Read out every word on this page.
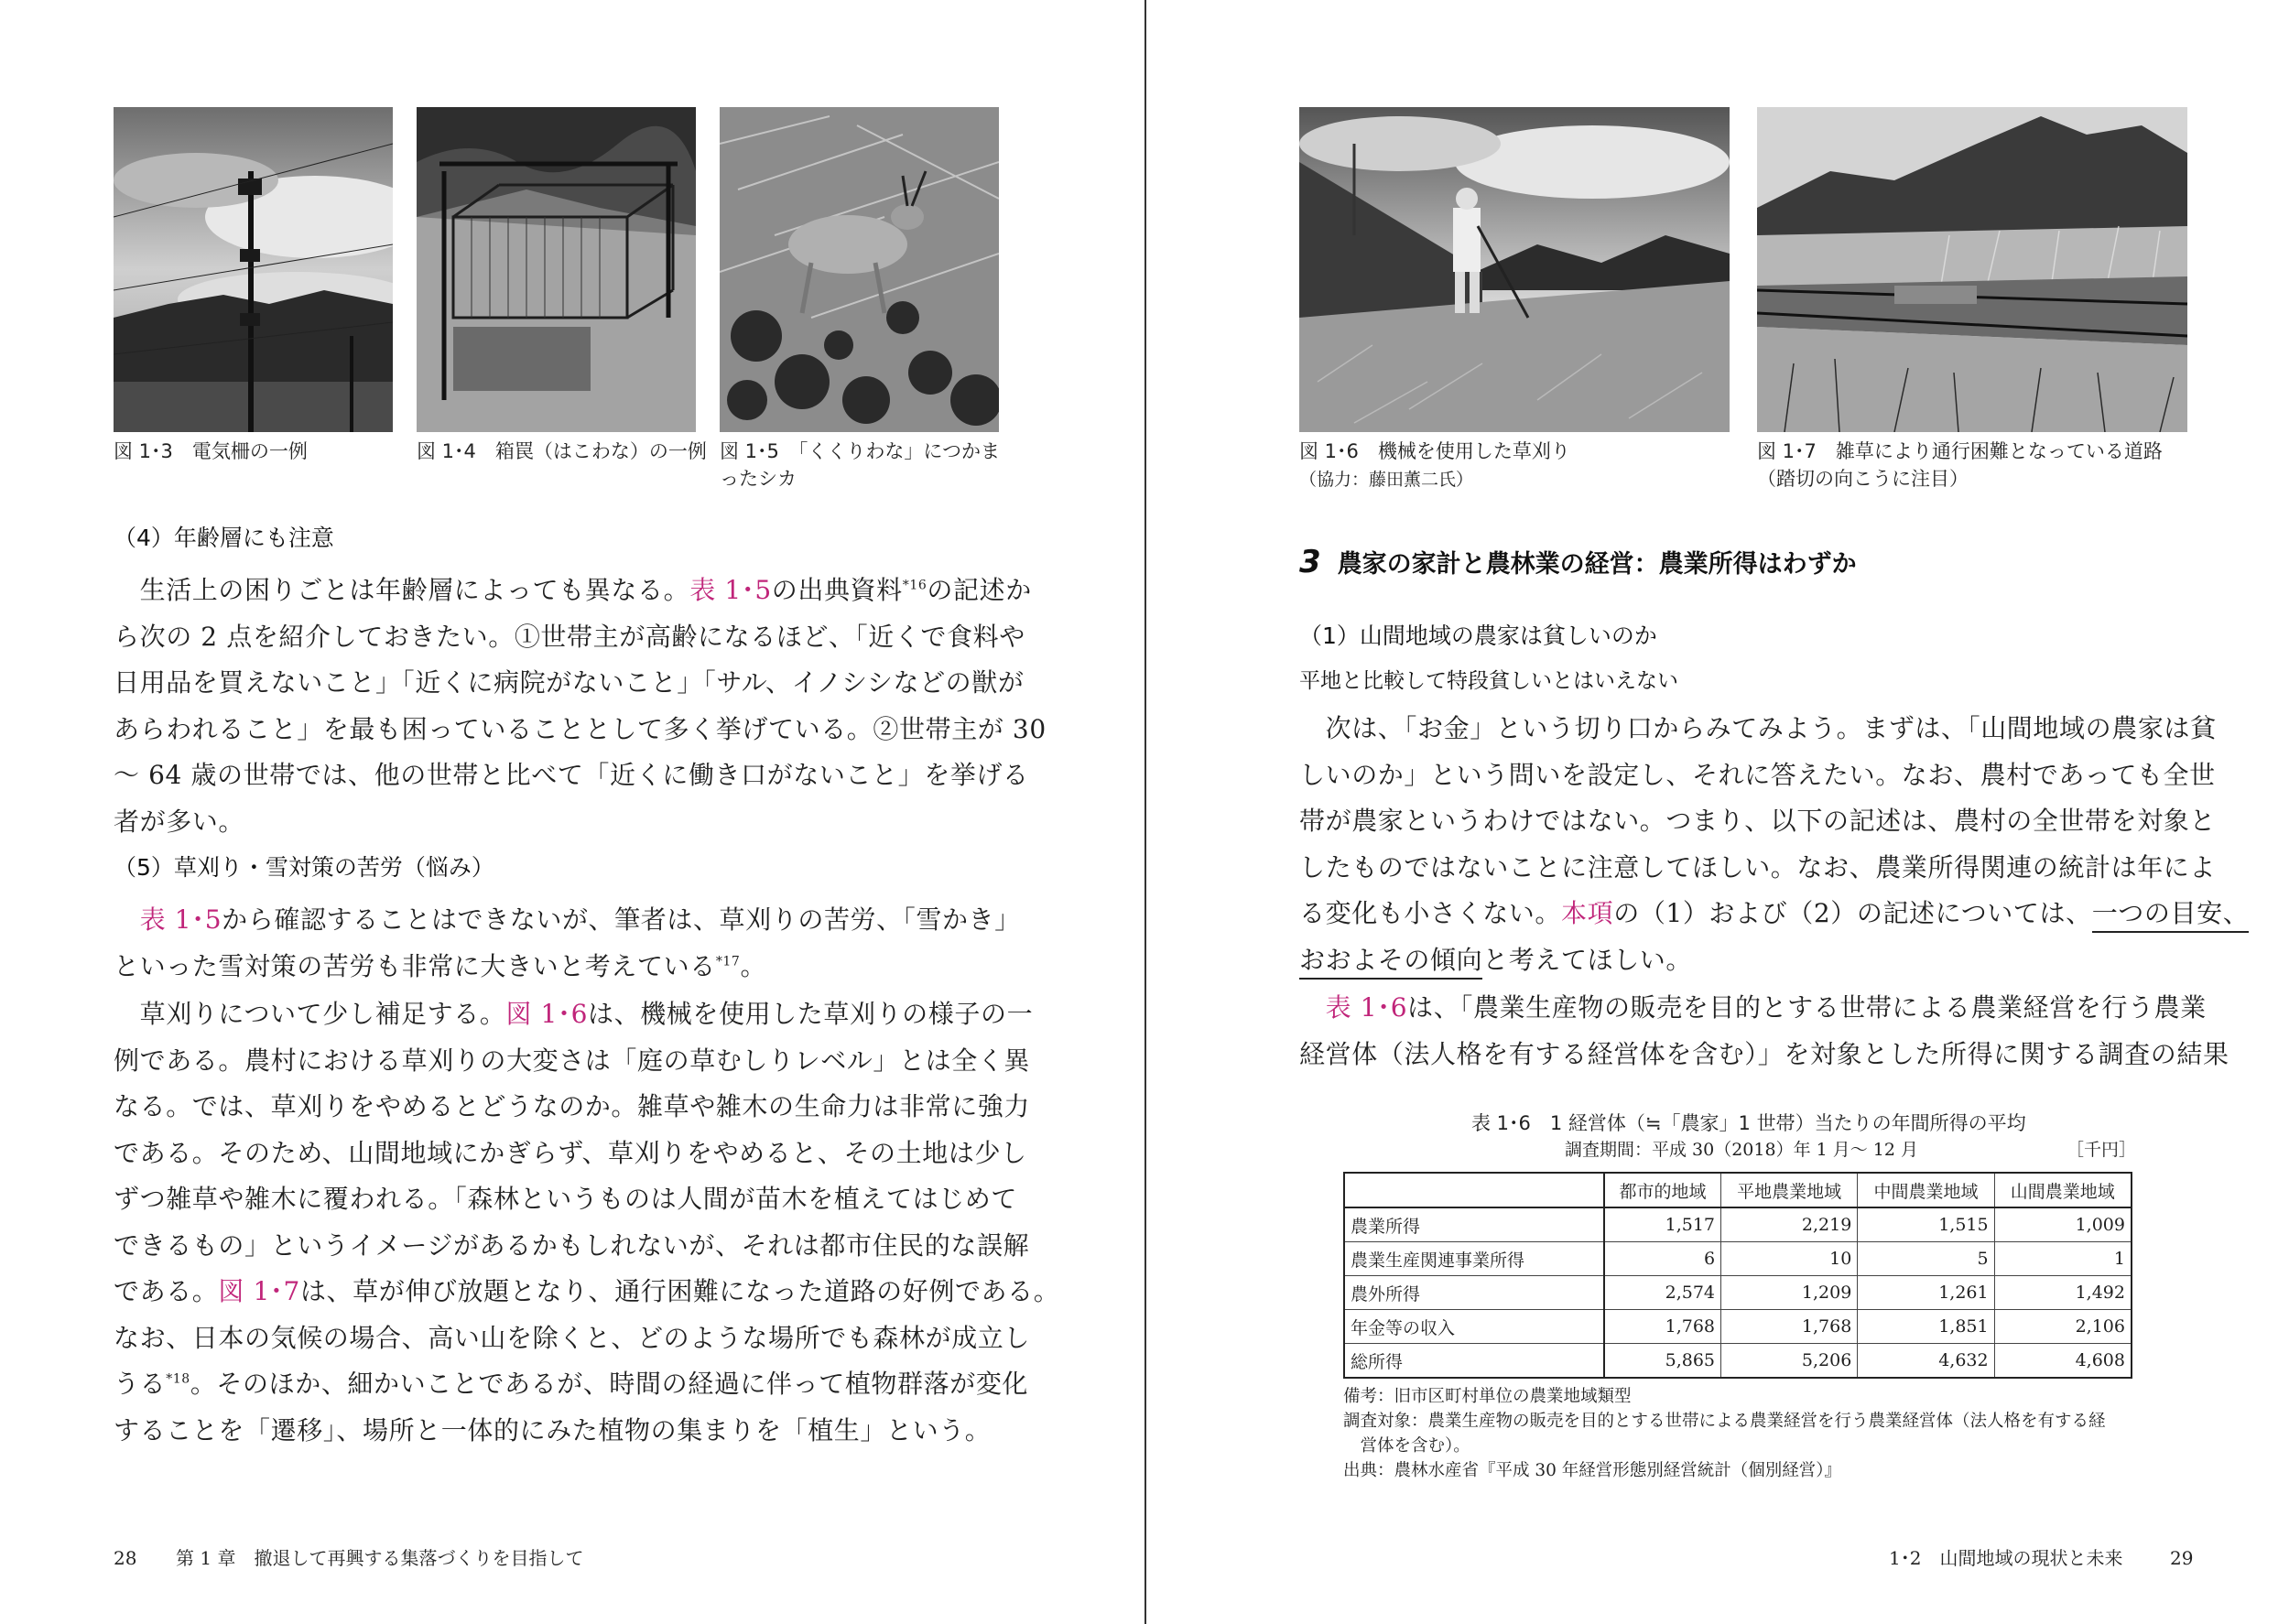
図 1･3　 電気柵の一例	図 1･4　 箱罠（はこわな）の一例 図 1･5　 「くくりわな」につかま
ったシカ
（4）年齢層にも注意
　生活上の困りごとは年齢層によっても異なる。表 1･5の出典資料$^{*16}$の記述か
ら次の 2 点を紹介しておきたい。①世帯主が高齢になるほど、「近くで食料や
日用品を買えないこと」「近くに病院がないこと」「サル、イノシシなどの獣が
あらわれること」を最も困っていることとして多く挙げている。②世帯主が 30
～ 64 歳の世帯では、他の世帯と比べて「近くに働き口がないこと」を挙げる
者が多い。
（5）草刈り・雪対策の苦労（悩み）
　表 1･5から確認することはできないが、筆者は、草刈りの苦労、「雪かき」
といった雪対策の苦労も非常に大きいと考えている$^{*17}$。
　草刈りについて少し補足する。図 1･6は、機械を使用した草刈りの様子の一
例である。農村における草刈りの大変さは「庭の草むしりレベル」とは全く異
なる。では、草刈りをやめるとどうなのか。雑草や雑木の生命力は非常に強力
である。そのため、山間地域にかぎらず、草刈りをやめると、その土地は少し
ずつ雑草や雑木に覆われる。「森林というものは人間が苗木を植えてはじめて
できるもの」というイメージがあるかもしれないが、それは都市住民的な誤解
である。図 1･7は、草が伸び放題となり、通行困難になった道路の好例である。
なお、日本の気候の場合、高い山を除くと、どのような場所でも森林が成立し
うる$^{*18}$。そのほか、細かいことであるが、時間の経過に伴って植物群落が変化
することを「遷移」、場所と一体的にみた植物の集まりを「植生」という。
28 第 1 章　撤退して再興する集落づくりを目指して
図 1･6　 機械を使用した草刈り（協力：藤田薫二氏）
図 1･7　 雑草により通行困難となっている道路
（踏切の向こうに注目）
3 農家の家計と農林業の経営：農業所得はわずか
（1）山間地域の農家は貧しいのか
平地と比較して特段貧しいとはいえない
　次は、「お金」という切り口からみてみよう。まずは、「山間地域の農家は貧
しいのか」という問いを設定し、それに答えたい。なお、農村であっても全世
帯が農家というわけではない。つまり、以下の記述は、農村の全世帯を対象と
したものではないことに注意してほしい。なお、農業所得関連の統計は年によ
る変化も小さくない。本項の（1）および（2）の記述については、一つの目安、
おおよその傾向と考えてほしい。
　表 1･6は、「農業生産物の販売を目的とする世帯による農業経営を行う農業
経営体（法人格を有する経営体を含む）」を対象とした所得に関する調査の結果
表 1･6　1 経営体（≒「農家」1 世帯）当たりの年間所得の平均
調査期間：平成 30（2018）年 1 月～ 12 月	［千円］
	都市的地域	平地農業地域	中間農業地域	山間農業地域
農業所得	1,517	2,219	1,515	1,009
農業生産関連事業所得	6	10	5	1
農外所得	2,574	1,209	1,261	1,492
年金等の収入	1,768	1,768	1,851	2,106
総所得	5,865	5,206	4,632	4,608
備考：旧市区町村単位の農業地域類型
調査対象：農業生産物の販売を目的とする世帯による農業経営を行う農業経営体（法人格を有する経
　営体を含む）。
出典：農林水産省『平成 30 年経営形態別経営統計（個別経営）』
1･2　山間地域の現状と未来	29
